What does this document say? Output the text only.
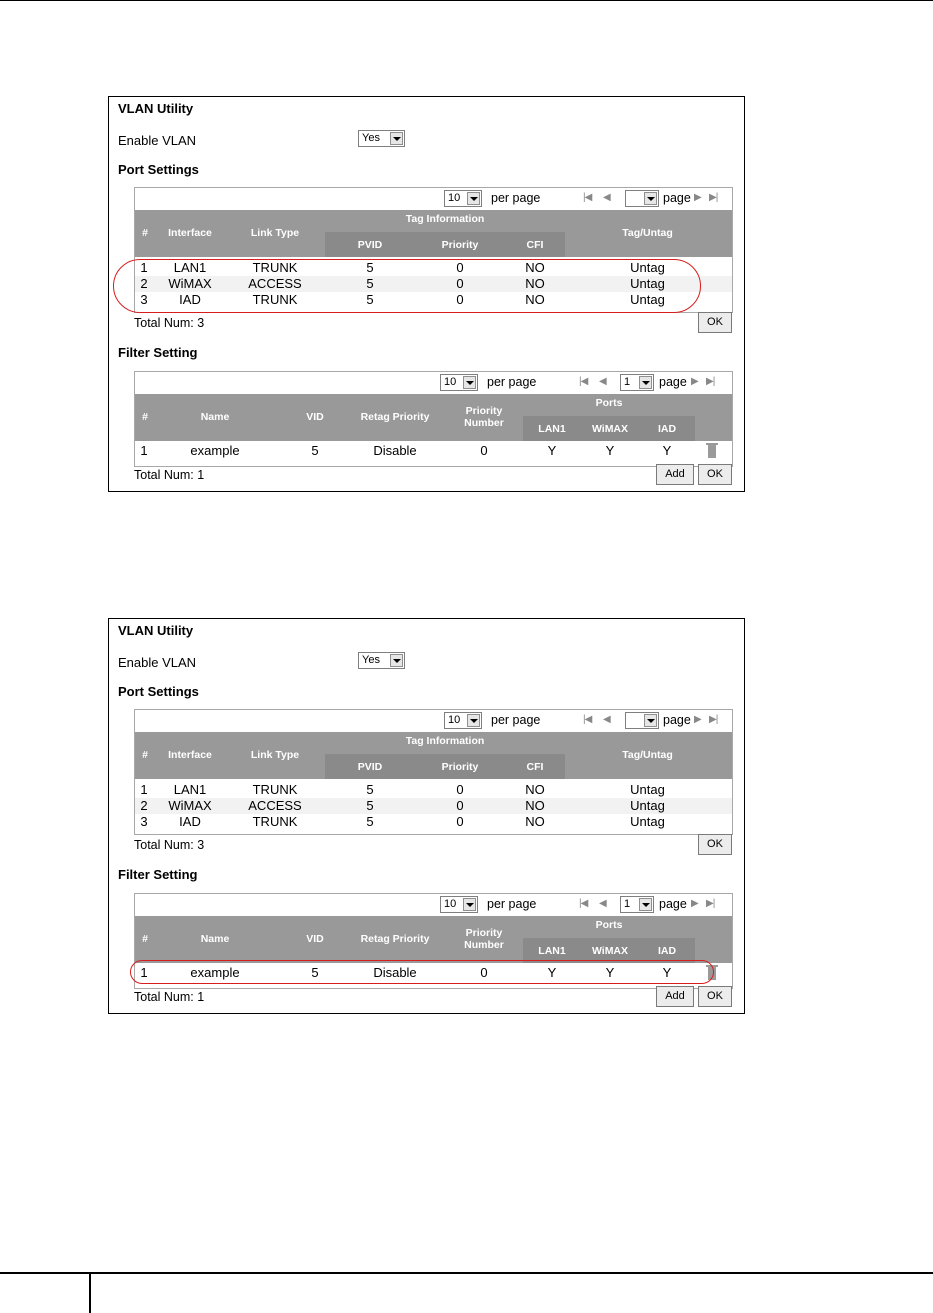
VLAN Utility
Enable VLAN	Yes
Port Settings
10 per page	|◀ ◀	page ▶ ▶|
#	Interface	Link Type
Tag Information
PVID	Priority	CFI
Tag/Untag
1	LAN1	TRUNK	5	0	NO	Untag
2	WiMAX	ACCESS	5	0	NO	Untag
3	IAD	TRUNK	5	0	NO	Untag
Total Num: 3	OK
Filter Setting
10 per page	|◀ ◀ 1 page ▶ ▶|
#	Name	VID	Retag Priority	Priority Number
Ports
LAN1	WiMAX	IAD
1	example	5	Disable	0	Y	Y	Y
Total Num: 1	Add	OK
VLAN Utility
Enable VLAN	Yes
Port Settings
10 per page	|◀ ◀	page ▶ ▶|
#	Interface	Link Type
Tag Information
PVID	Priority	CFI
Tag/Untag
1	LAN1	TRUNK	5	0	NO	Untag
2	WiMAX	ACCESS	5	0	NO	Untag
3	IAD	TRUNK	5	0	NO	Untag
Total Num: 3	OK
Filter Setting
10 per page	|◀ ◀ 1 page ▶ ▶|
#	Name	VID	Retag Priority	Priority Number
Ports
LAN1	WiMAX	IAD
1	example	5	Disable	0	Y	Y	Y
Total Num: 1	Add	OK
